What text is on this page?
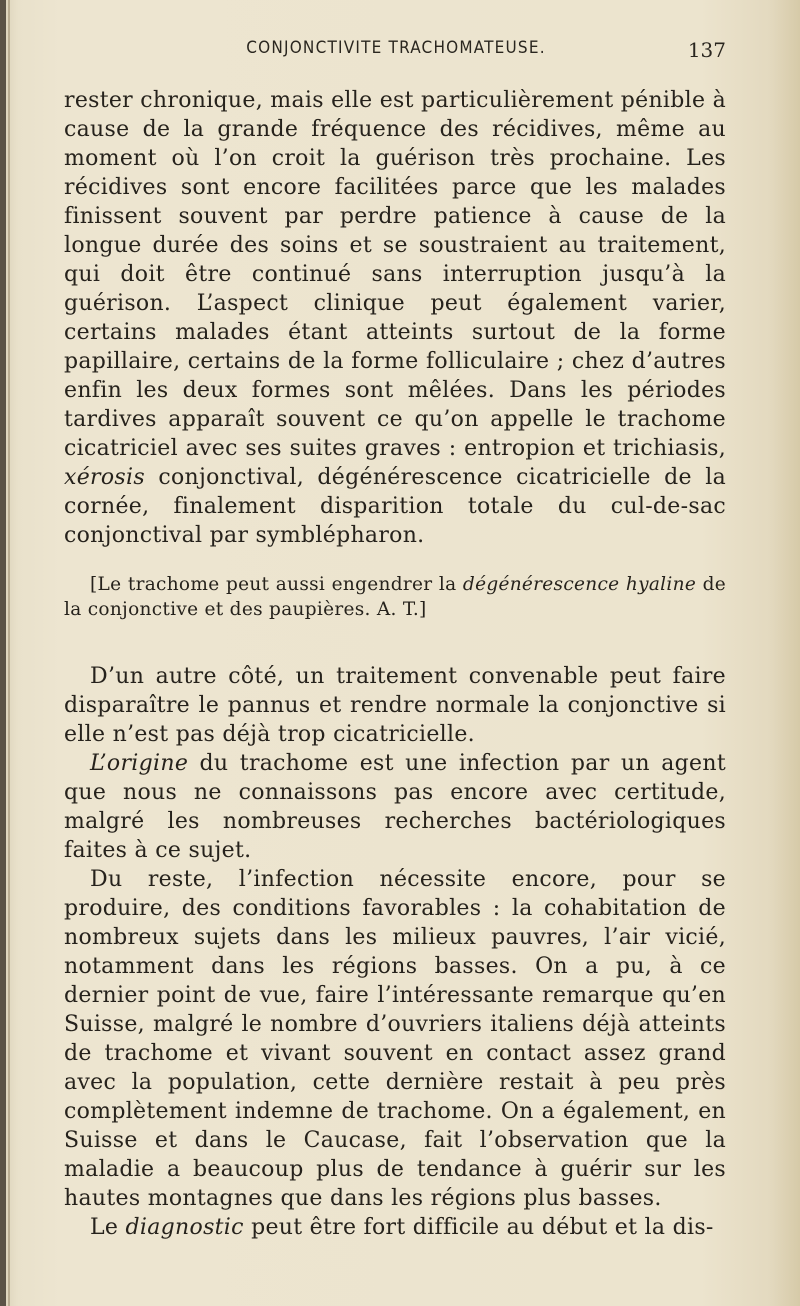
CONJONCTIVITE TRACHOMATEUSE.	137

rester chronique, mais elle est particulièrement pénible à cause de la grande fréquence des récidives, même au moment où l’on croit la guérison très prochaine. Les récidives sont encore facilitées parce que les malades finissent souvent par perdre patience à cause de la longue durée des soins et se soustraient au traitement, qui doit être continué sans interruption jusqu’à la guérison. L’aspect clinique peut également varier, certains malades étant atteints surtout de la forme papillaire, certains de la forme folliculaire ; chez d’autres enfin les deux formes sont mêlées. Dans les périodes tardives apparaît souvent ce qu’on appelle le trachome cicatriciel avec ses suites graves : entropion et trichiasis, xérosis conjonctival, dégénérescence cicatricielle de la cornée, finalement disparition totale du cul-de-sac conjonctival par symblépharon.

[Le trachome peut aussi engendrer la dégénérescence hyaline de la conjonctive et des paupières. A. T.]

D’un autre côté, un traitement convenable peut faire disparaître le pannus et rendre normale la conjonctive si elle n’est pas déjà trop cicatricielle.

L’origine du trachome est une infection par un agent que nous ne connaissons pas encore avec certitude, malgré les nombreuses recherches bactériologiques faites à ce sujet.

Du reste, l’infection nécessite encore, pour se produire, des conditions favorables : la cohabitation de nombreux sujets dans les milieux pauvres, l’air vicié, notamment dans les régions basses. On a pu, à ce dernier point de vue, faire l’intéressante remarque qu’en Suisse, malgré le nombre d’ouvriers italiens déjà atteints de trachome et vivant souvent en contact assez grand avec la population, cette dernière restait à peu près complètement indemne de trachome. On a également, en Suisse et dans le Caucase, fait l’observation que la maladie a beaucoup plus de tendance à guérir sur les hautes montagnes que dans les régions plus basses.

Le diagnostic peut être fort difficile au début et la dis-
